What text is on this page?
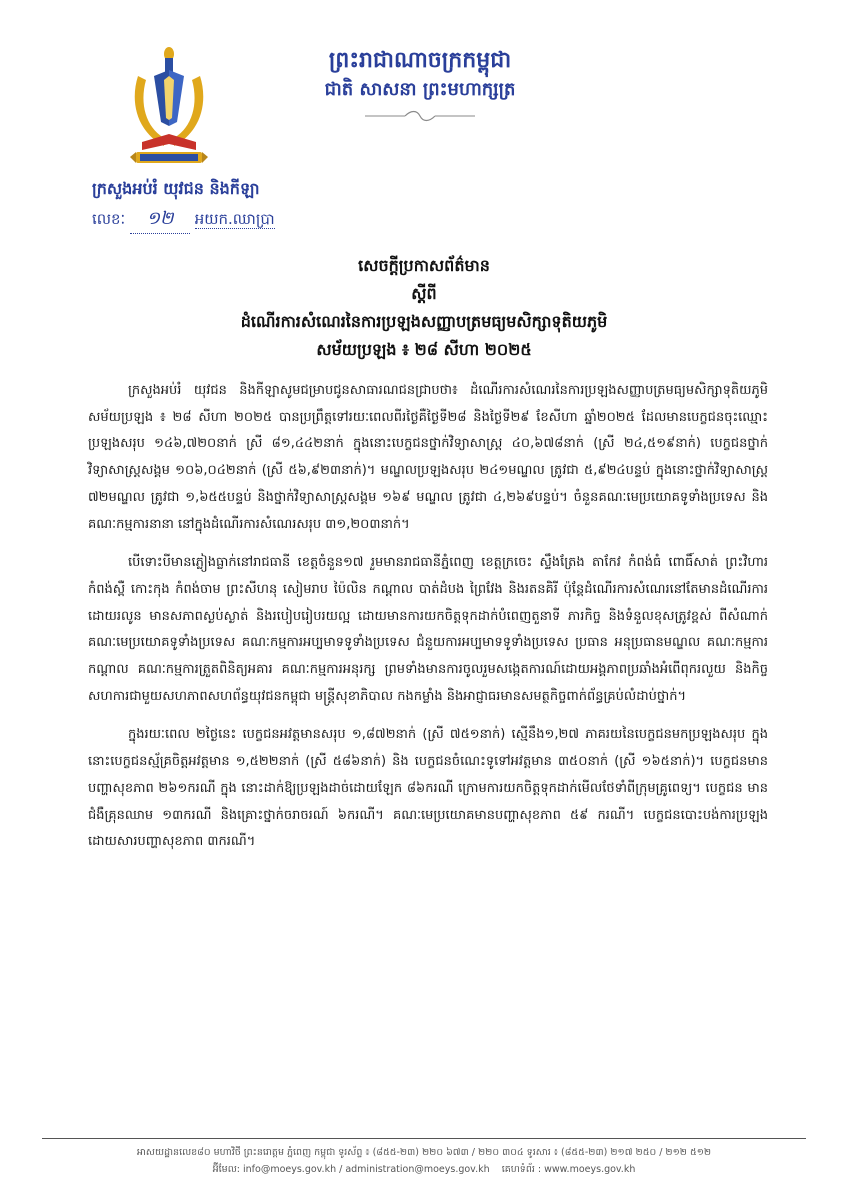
ព្រះរាជាណាចក្រកម្ពុជា
ជាតិ សាសនា ព្រះមហាក្សត្រ
ក្រសួងអប់រំ យុវជន និងកីឡា
លេខៈ ១២ អយក.ឈាប្រា
សេចក្តីប្រកាសព័ត៌មាន
ស្តីពី
ដំណើរការសំណេរនៃការប្រឡងសញ្ញាបត្រមធ្យមសិក្សាទុតិយភូមិ
សម័យប្រឡង ៖ ២៨ សីហា ២០២៥

ក្រសួងអប់រំ យុវជន និងកីឡាសូមជម្រាបជូនសាធារណជនជ្រាបថា៖ ដំណើរការសំណេរនៃការប្រឡងសញ្ញាបត្រមធ្យមសិក្សាទុតិយភូមិ សម័យប្រឡង ៖ ២៨ សីហា ២០២៥ បានប្រព្រឹត្តទៅរយៈពេលពីរថ្ងៃគឺថ្ងៃទី២៨ និងថ្ងៃទី២៩ ខែសីហា ឆ្នាំ២០២៥ ដែលមានបេក្ខជនចុះឈ្មោះប្រឡងសរុប ១៤៦,៧២០នាក់ ស្រី ៨១,៤៤២នាក់ ក្នុងនោះបេក្ខជនថ្នាក់វិទ្យាសាស្ត្រ ៤០,៦៧៨នាក់ (ស្រី ២៤,៥១៩នាក់) បេក្ខជនថ្នាក់វិទ្យាសាស្ត្រសង្គម ១០៦,០៤២នាក់ (ស្រី ៥៦,៩២៣នាក់)។ មណ្ឌលប្រឡងសរុប ២៤១មណ្ឌល ត្រូវជា ៥,៩២៤បន្ទប់ ក្នុងនោះថ្នាក់វិទ្យាសាស្ត្រ ៧២មណ្ឌល ត្រូវជា ១,៦៥៥បន្ទប់ និងថ្នាក់វិទ្យាសាស្ត្រសង្គម ១៦៩ មណ្ឌល ត្រូវជា ៤,២៦៩បន្ទប់។ ចំនួនគណៈមេប្រយោគទូទាំងប្រទេស និងគណៈកម្មការនានា នៅក្នុងដំណើរការសំណេរសរុប ៣១,២០៣នាក់។

បើទោះបីមានភ្លៀងធ្លាក់នៅរាជធានី ខេត្តចំនួន១៧ រួមមានរាជធានីភ្នំពេញ ខេត្តក្រចេះ ស្ទឹងត្រែង តាកែវ កំពង់ធំ ពោធិ៍សាត់ ព្រះវិហារ កំពង់ស្ពឺ កោះកុង កំពង់ចាម ព្រះសីហនុ សៀមរាប ប៉ៃលិន កណ្តាល បាត់ដំបង ព្រៃវែង និងរតនគិរី ប៉ុន្តែដំណើរការសំណេរនៅតែមានដំណើរការដោយរលូន មានសភាពស្ងប់ស្ងាត់ និងរបៀបរៀបរយល្អ ដោយមានការយកចិត្តទុកដាក់បំពេញតួនាទី ភារកិច្ច និងទំនួលខុសត្រូវខ្ពស់ ពីសំណាក់គណៈមេប្រយោគទូទាំងប្រទេស គណៈកម្មការអប្បមាទទូទាំងប្រទេស ជំនួយការអប្បមាទទូទាំងប្រទេស ប្រធាន អនុប្រធានមណ្ឌល គណៈកម្មការកណ្តាល គណៈកម្មការត្រួតពិនិត្យអគារ គណៈកម្មការអនុរក្ស ព្រមទាំងមានការចូលរួមសង្កេតការណ៍ដោយអង្គភាពប្រឆាំងអំពើពុករលួយ និងកិច្ចសហការជាមួយសហភាពសហព័ន្ធយុវជនកម្ពុជា មន្ត្រីសុខាភិបាល កងកម្លាំង និងអាជ្ញាធរមានសមត្ថកិច្ចពាក់ព័ន្ធគ្រប់លំដាប់ថ្នាក់។

ក្នុងរយៈពេល ២ថ្ងៃនេះ បេក្ខជនអវត្តមានសរុប ១,៨៧២នាក់ (ស្រី ៧៥១នាក់) ស្មើនឹង១,២៧ ភាគរយនៃបេក្ខជនមកប្រឡងសរុប ក្នុងនោះបេក្ខជនស្ម័គ្រចិត្តអវត្តមាន ១,៥២២នាក់ (ស្រី ៥៨៦នាក់) និង បេក្ខជនចំណេះទូទៅអវត្តមាន ៣៥០នាក់ (ស្រី ១៦៥នាក់)។ បេក្ខជនមានបញ្ហាសុខភាព ២៦១ករណី ក្នុង នោះដាក់ឱ្យប្រឡងដាច់ដោយឡែក ៨៦ករណី ក្រោមការយកចិត្តទុកដាក់មើលថែទាំពីក្រុមគ្រូពេទ្យ។ បេក្ខជន មានជំងឺគ្រុនឈាម ១៣ករណី និងគ្រោះថ្នាក់ចរាចរណ៍ ៦ករណី។ គណៈមេប្រយោគមានបញ្ហាសុខភាព ៥៩ ករណី។ បេក្ខជនបោះបង់ការប្រឡងដោយសារបញ្ហាសុខភាព ៣ករណី។

អាសយដ្ឋានលេខ៨០ មហាវិថី ព្រះនរោត្តម ភ្នំពេញ កម្ពុជា ទូរស័ព្ទ ៖ (៨៥៥-២៣) ២២០ ៦៧៣ / ២២០ ៣០៤ ទូរសារ ៖ (៨៥៥-២៣) ២១៧ ២៥០ / ២១២ ៥១២
អ៊ីមែល: info@moeys.gov.kh / administration@moeys.gov.kh គេហទំព័រ : www.moeys.gov.kh
